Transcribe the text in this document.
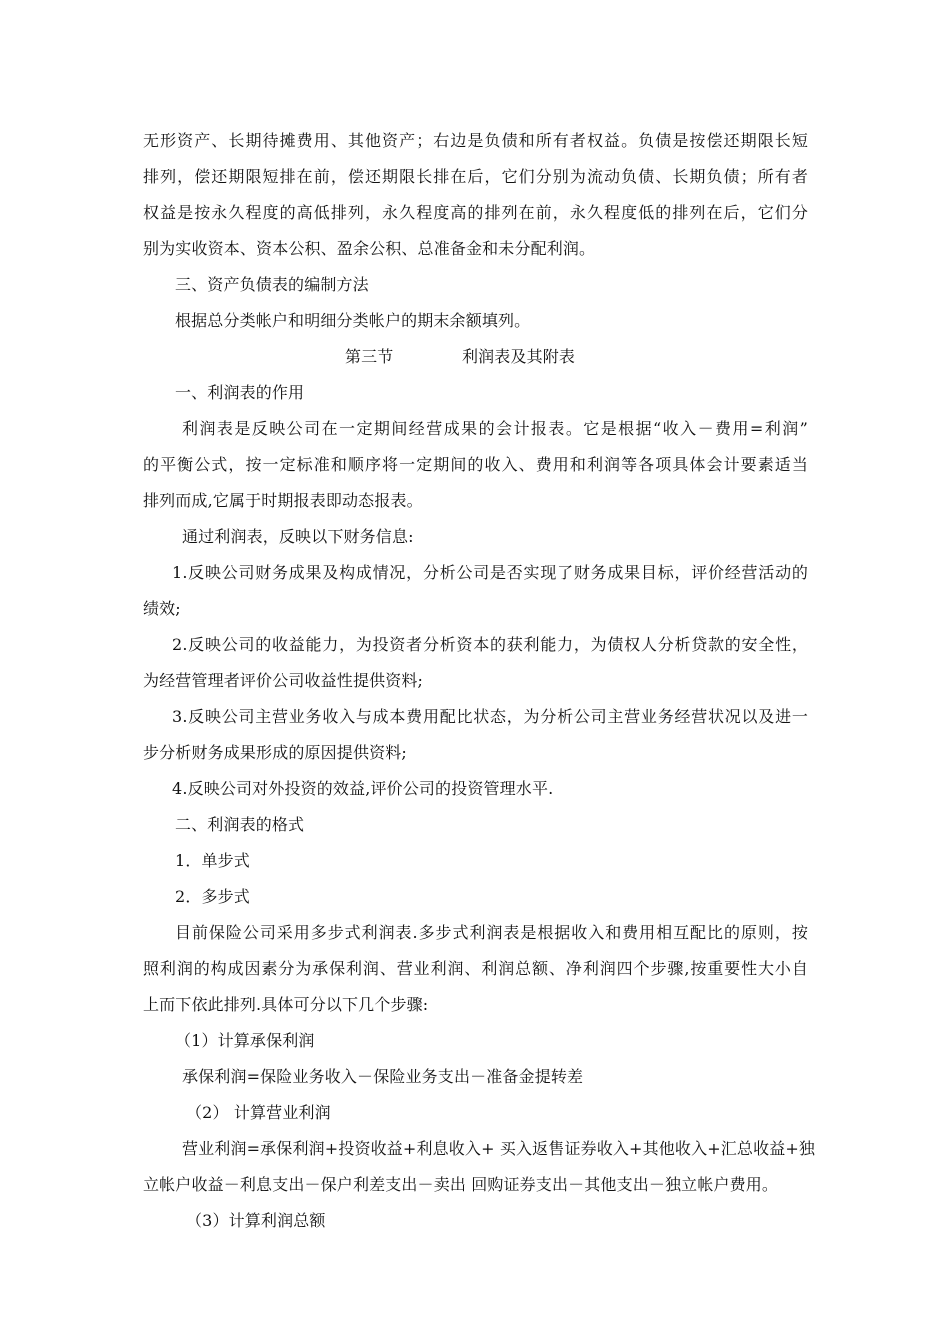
无形资产、长期待摊费用、其他资产；右边是负债和所有者权益。负债是按偿还期限长短
排列，偿还期限短排在前，偿还期限长排在后，它们分别为流动负债、长期负债；所有者
权益是按永久程度的高低排列，永久程度高的排列在前，永久程度低的排列在后，它们分
别为实收资本、资本公积、盈余公积、总准备金和未分配利润。
三、资产负债表的编制方法
根据总分类帐户和明细分类帐户的期末余额填列。
第三节	利润表及其附表
一、利润表的作用
利润表是反映公司在一定期间经营成果的会计报表。它是根据“收入－费用=利润”
的平衡公式，按一定标准和顺序将一定期间的收入、费用和利润等各项具体会计要素适当
排列而成,它属于时期报表即动态报表。
通过利润表，反映以下财务信息:
1.反映公司财务成果及构成情况，分析公司是否实现了财务成果目标，评价经营活动的
绩效;
2.反映公司的收益能力，为投资者分析资本的获利能力，为债权人分析贷款的安全性，
为经营管理者评价公司收益性提供资料;
3.反映公司主营业务收入与成本费用配比状态，为分析公司主营业务经营状况以及进一
步分析财务成果形成的原因提供资料;
4.反映公司对外投资的效益,评价公司的投资管理水平.
二、利润表的格式
1．单步式
2．多步式
目前保险公司采用多步式利润表.多步式利润表是根据收入和费用相互配比的原则，按
照利润的构成因素分为承保利润、营业利润、利润总额、净利润四个步骤,按重要性大小自
上而下依此排列.具体可分以下几个步骤:
（1）计算承保利润
承保利润=保险业务收入－保险业务支出－准备金提转差
（2） 计算营业利润
营业利润=承保利润+投资收益+利息收入+ 买入返售证券收入+其他收入+汇总收益+独
立帐户收益－利息支出－保户利差支出－卖出 回购证券支出－其他支出－独立帐户费用。
（3）计算利润总额
